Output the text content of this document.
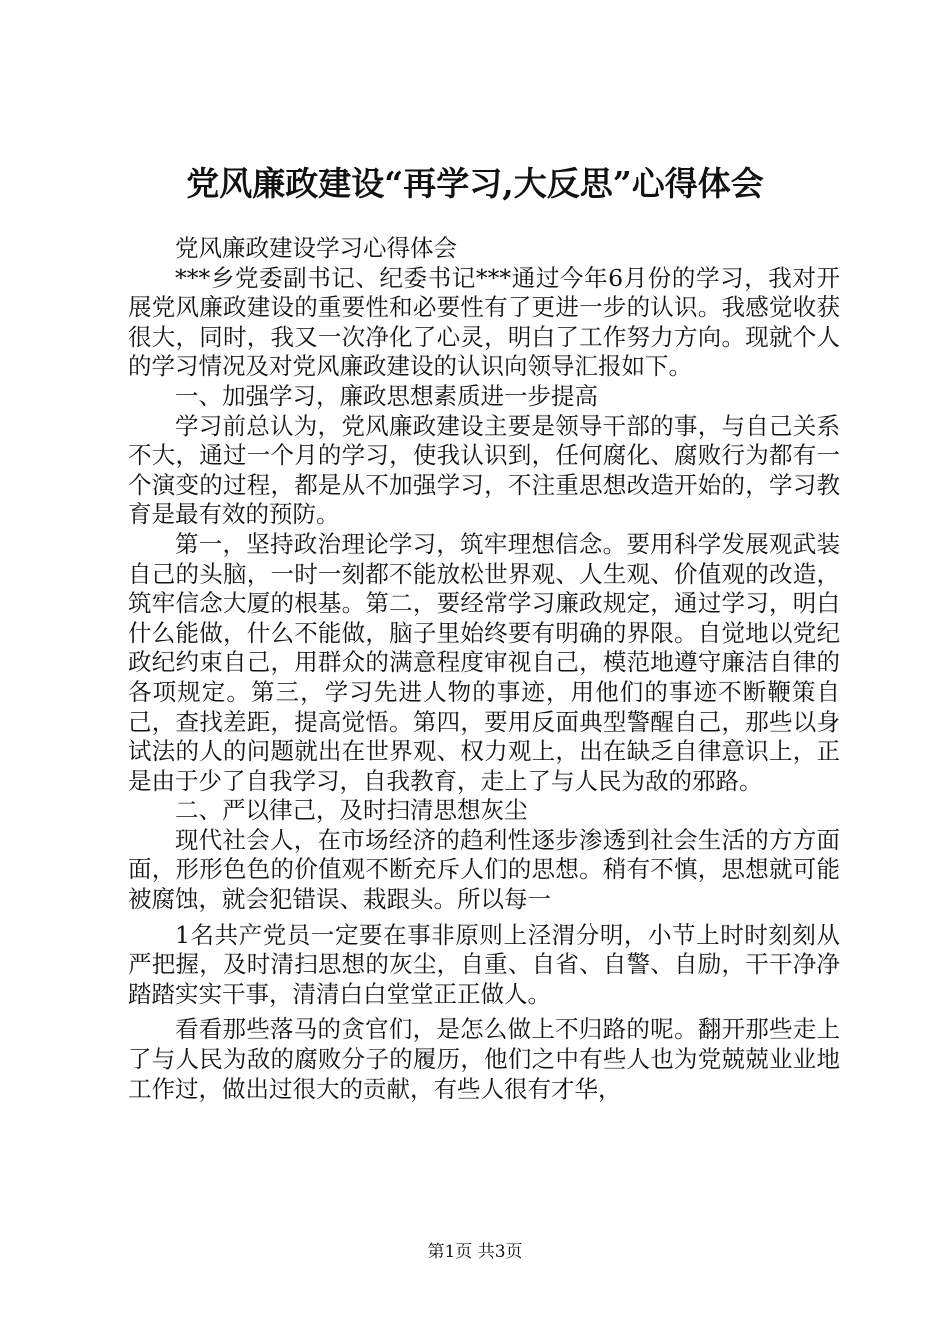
党风廉政建设“再学习,大反思”心得体会

党风廉政建设学习心得体会

***乡党委副书记、纪委书记***通过今年6月份的学习，我对开展党风廉政建设的重要性和必要性有了更进一步的认识。我感觉收获很大，同时，我又一次净化了心灵，明白了工作努力方向。现就个人的学习情况及对党风廉政建设的认识向领导汇报如下。

一、加强学习，廉政思想素质进一步提高

学习前总认为，党风廉政建设主要是领导干部的事，与自己关系不大，通过一个月的学习，使我认识到，任何腐化、腐败行为都有一个演变的过程，都是从不加强学习，不注重思想改造开始的，学习教育是最有效的预防。

第一，坚持政治理论学习，筑牢理想信念。要用科学发展观武装自己的头脑，一时一刻都不能放松世界观、人生观、价值观的改造，筑牢信念大厦的根基。第二，要经常学习廉政规定，通过学习，明白什么能做，什么不能做，脑子里始终要有明确的界限。自觉地以党纪政纪约束自己，用群众的满意程度审视自己，模范地遵守廉洁自律的各项规定。第三，学习先进人物的事迹，用他们的事迹不断鞭策自己，查找差距，提高觉悟。第四，要用反面典型警醒自己，那些以身试法的人的问题就出在世界观、权力观上，出在缺乏自律意识上，正是由于少了自我学习，自我教育，走上了与人民为敌的邪路。

二、严以律己，及时扫清思想灰尘

现代社会人，在市场经济的趋利性逐步渗透到社会生活的方方面面，形形色色的价值观不断充斥人们的思想。稍有不慎，思想就可能被腐蚀，就会犯错误、栽跟头。所以每一

1名共产党员一定要在事非原则上泾渭分明，小节上时时刻刻从严把握，及时清扫思想的灰尘，自重、自省、自警、自励，干干净净踏踏实实干事，清清白白堂堂正正做人。

看看那些落马的贪官们，是怎么做上不归路的呢。翻开那些走上了与人民为敌的腐败分子的履历，他们之中有些人也为党兢兢业业地工作过，做出过很大的贡献，有些人很有才华，

第1页 共3页
